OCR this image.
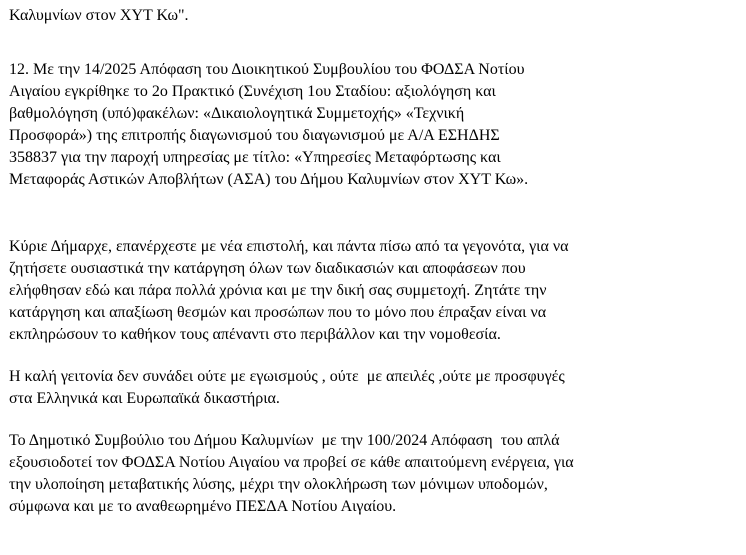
Καλυμνίων στον ΧΥΤ Κω".
12. Με την 14/2025 Απόφαση του Διοικητικού Συμβουλίου του ΦΟΔΣΑ Νοτίου
Αιγαίου εγκρίθηκε το 2ο Πρακτικό (Συνέχιση 1ου Σταδίου: αξιολόγηση και
βαθμολόγηση (υπό)φακέλων: «Δικαιολογητικά Συμμετοχής» «Τεχνική
Προσφορά») της επιτροπής διαγωνισμού του διαγωνισμού με Α/Α ΕΣΗΔΗΣ
358837 για την παροχή υπηρεσίας με τίτλο: «Υπηρεσίες Μεταφόρτωσης και
Μεταφοράς Αστικών Αποβλήτων (ΑΣΑ) του Δήμου Καλυμνίων στον ΧΥΤ Κω».
Κύριε Δήμαρχε, επανέρχεστε με νέα επιστολή, και πάντα πίσω από τα γεγονότα, για να
ζητήσετε ουσιαστικά την κατάργηση όλων των διαδικασιών και αποφάσεων που
ελήφθησαν εδώ και πάρα πολλά χρόνια και με την δική σας συμμετοχή. Ζητάτε την
κατάργηση και απαξίωση θεσμών και προσώπων που το μόνο που έπραξαν είναι να
εκπληρώσουν το καθήκον τους απέναντι στο περιβάλλον και την νομοθεσία.
Η καλή γειτονία δεν συνάδει ούτε με εγωισμούς , ούτε  με απειλές ,ούτε με προσφυγές
στα Ελληνικά και Ευρωπαϊκά δικαστήρια.
Το Δημοτικό Συμβούλιο του Δήμου Καλυμνίων  με την 100/2024 Απόφαση  του απλά
εξουσιοδοτεί τον ΦΟΔΣΑ Νοτίου Αιγαίου να προβεί σε κάθε απαιτούμενη ενέργεια, για
την υλοποίηση μεταβατικής λύσης, μέχρι την ολοκλήρωση των μόνιμων υποδομών,
σύμφωνα και με το αναθεωρημένο ΠΕΣΔΑ Νοτίου Αιγαίου.
